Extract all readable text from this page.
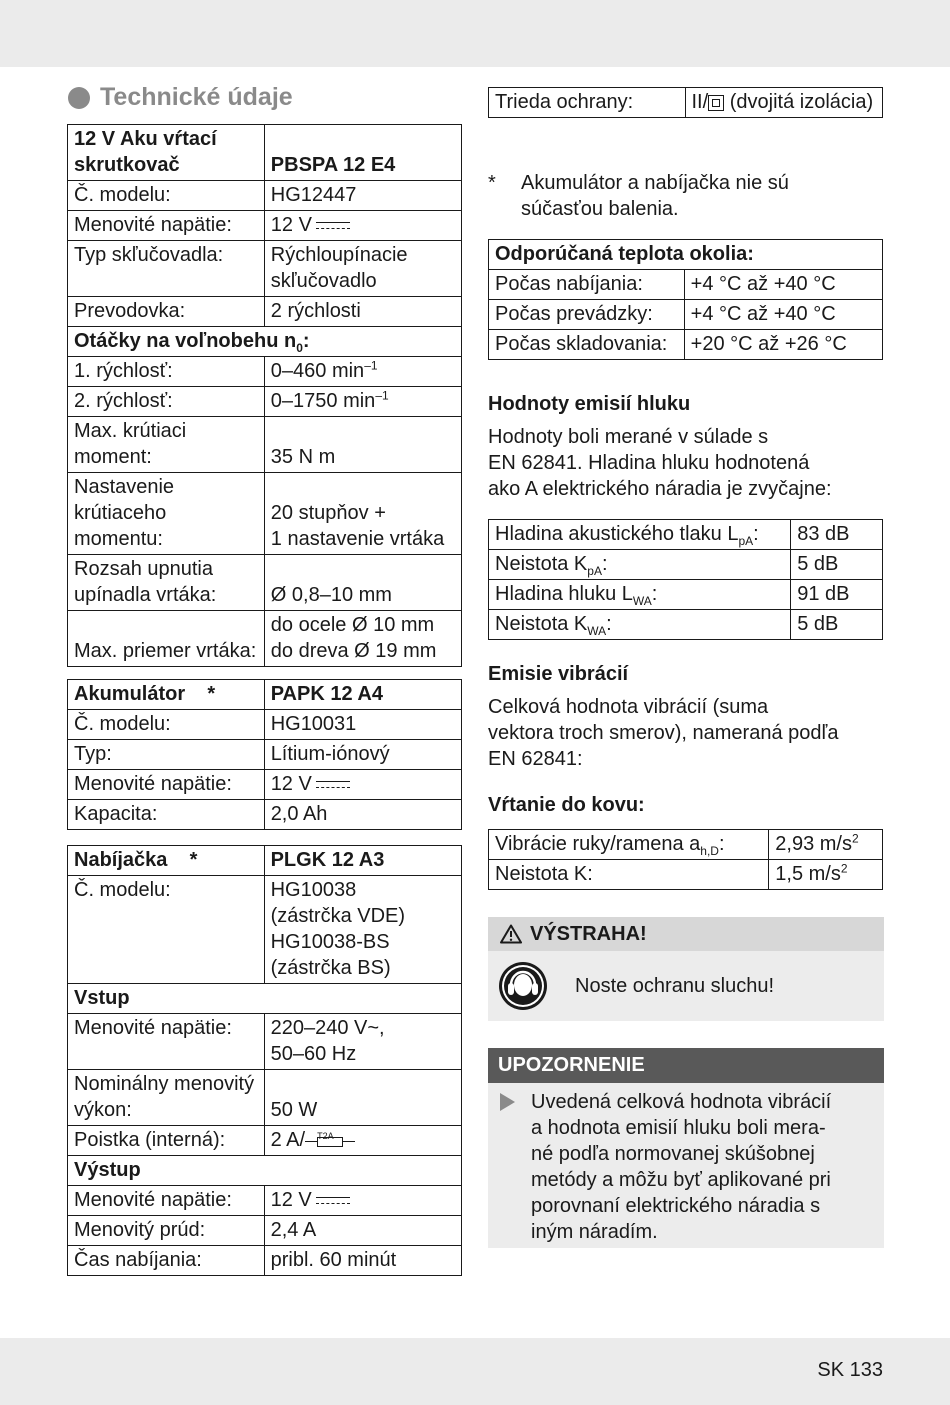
Technické údaje
12 V Aku vŕtací skrutkovač	PBSPA 12 E4
Č. modelu:	HG12447
Menovité napätie:	12 V
Typ skľučovadla:	Rýchloupínacie skľučovadlo
Prevodovka:	2 rýchlosti
Otáčky na voľnobehu $n_0$:	
1. rýchlosť:	0–460 $\min^{-1}$
2. rýchlosť:	0–1750 $\min^{-1}$
Max. krútiaci moment:	35 N m
Nastavenie krútiaceho momentu:	20 stupňov +
1 nastavenie vrtáka

Rozsah upnutia upínadla vrtáka:	Ø 0,8–10 mm
Max. priemer vrtáka:	do ocele Ø 10 mm
do dreva Ø 19 mm
Akumulátor    *	PAPK 12 A4
Č. modelu:	HG10031
Typ:	Lítium-iónový
Menovité napätie:	12 V
Kapacita:	2,0 Ah
Nabíjačka    *	PLGK 12 A3
Č. modelu:	HG10038
(zástrčka VDE)
HG10038-BS
(zástrčka BS)

Vstup	
Menovité napätie:	220–240 V~,
50–60 Hz

Nominálny menovitý výkon:	50 W
Poistka (interná):	2 A/ T2A

Výstup	
Menovité napätie:	12 V
Menovitý prúd:	2,4 A
Čas nabíjania:	pribl. 60 minút
Trieda ochrany:	II/ (dvojitá izolácia)
*	Akumulátor a nabíjačka nie sú
súčasťou balenia.
Odporúčaná teplota okolia:	
Počas nabíjania:	+4 °C až +40 °C
Počas prevádzky:	+4 °C až +40 °C
Počas skladovania:	+20 °C až +26 °C
Hodnoty emisií hluku
Hodnoty boli merané v súlade s
EN 62841. Hladina hluku hodnotená
ako A elektrického náradia je zvyčajne:
Hladina akustického tlaku $L_{pA}$:	83 dB
Neistota $K_{pA}$:	5 dB
Hladina hluku $L_{WA}$:	91 dB
Neistota $K_{WA}$:	5 dB
Emisie vibrácií
Celková hodnota vibrácií (suma
vektora troch smerov), nameraná podľa
EN 62841:
Vŕtanie do kovu:
Vibrácie ruky/ramena $a_{h,D}$:	2,93 $m/s^2$
Neistota K:	1,5 $m/s^2$
VÝSTRAHA!
Noste ochranu sluchu!
UPOZORNENIE
Uvedená celková hodnota vibrácií
a hodnota emisií hluku boli mera-
né podľa normovanej skúšobnej
metódy a môžu byť aplikované pri
porovnaní elektrického náradia s
iným náradím.
SK 133
